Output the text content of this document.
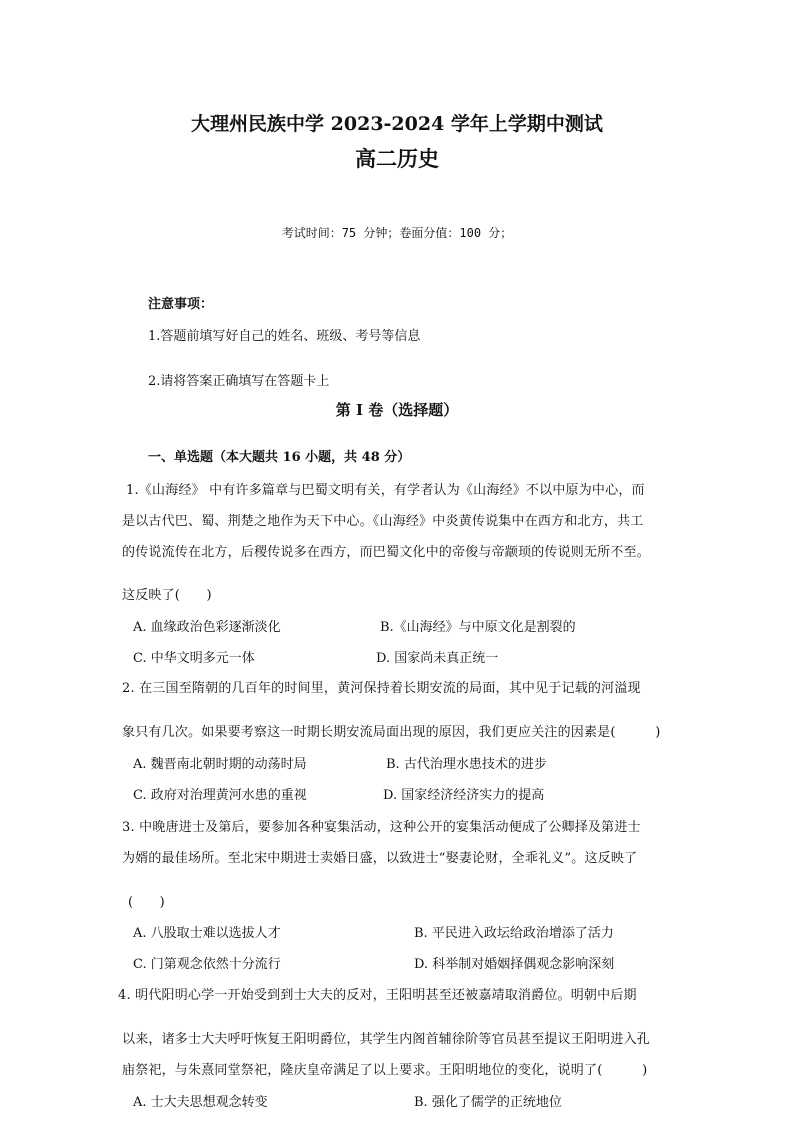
大理州民族中学 2023-2024 学年上学期中测试
高二历史
考试时间：75 分钟；卷面分值：100 分；
注意事项：
1.答题前填写好自己的姓名、班级、考号等信息
2.请将答案正确填写在答题卡上
第 I 卷（选择题）
一、单选题（本大题共 16 小题，共 48 分）
1.《山海经》 中有许多篇章与巴蜀文明有关，有学者认为《山海经》不以中原为中心，而
是以古代巴、蜀、荆楚之地作为天下中心。《山海经》中炎黄传说集中在西方和北方，共工
的传说流传在北方，后稷传说多在西方，而巴蜀文化中的帝俊与帝颛顼的传说则无所不至。
这反映了(　　)
A. 血缘政治色彩逐渐淡化	B.《山海经》与中原文化是割裂的
C. 中华文明多元一体	D. 国家尚未真正统一
2. 在三国至隋朝的几百年的时间里，黄河保持着长期安流的局面，其中见于记载的河溢现
象只有几次。如果要考察这一时期长期安流局面出现的原因，我们更应关注的因素是(　　　)
A. 魏晋南北朝时期的动荡时局	B. 古代治理水患技术的进步
C. 政府对治理黄河水患的重视	D. 国家经济经济实力的提高
3. 中晚唐进士及第后，要参加各种宴集活动，这种公开的宴集活动便成了公卿择及第进士
为婿的最佳场所。至北宋中期进士卖婚日盛，以致进士“娶妻论财，全乖礼义”。这反映了
(　　)
A. 八股取士难以选拔人才	B. 平民进入政坛给政治增添了活力
C. 门第观念依然十分流行	D. 科举制对婚姻择偶观念影响深刻
4. 明代阳明心学一开始受到到士大夫的反对，王阳明甚至还被嘉靖取消爵位。明朝中后期
以来，诸多士大夫呼吁恢复王阳明爵位，其学生内阁首辅徐阶等官员甚至提议王阳明进入孔
庙祭祀，与朱熹同堂祭祀，隆庆皇帝满足了以上要求。王阳明地位的变化，说明了(　　　)
A. 士大夫思想观念转变	B. 强化了儒学的正统地位
